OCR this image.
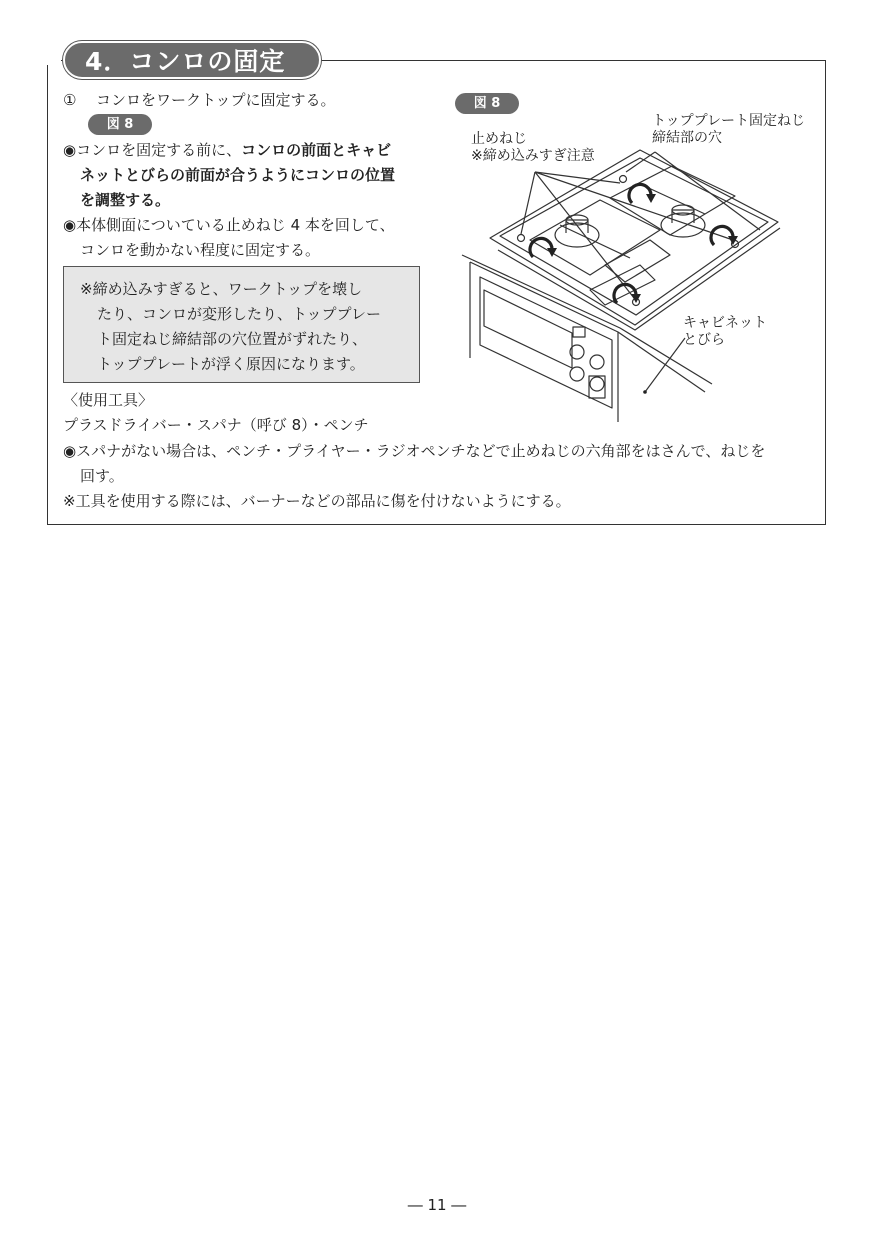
4．コンロの固定
① コンロをワークトップに固定する。
図 8
◉コンロを固定する前に、コンロの前面とキャビ
ネットとびらの前面が合うようにコンロの位置
を調整する。
◉本体側面についている止めねじ 4 本を回して、
コンロを動かない程度に固定する。
※締め込みすぎると、ワークトップを壊し
たり、コンロが変形したり、トッププレー
ト固定ねじ締結部の穴位置がずれたり、
トッププレートが浮く原因になります。
〈使用工具〉
プラスドライバー・スパナ（呼び 8）・ペンチ
◉スパナがない場合は、ペンチ・プライヤー・ラジオペンチなどで止めねじの六角部をはさんで、ねじを
回す。
※工具を使用する際には、バーナーなどの部品に傷を付けないようにする。
図 8
止めねじ
※締め込みすぎ注意
トッププレート固定ねじ
締結部の穴
キャビネット
とびら
― 11 ―
